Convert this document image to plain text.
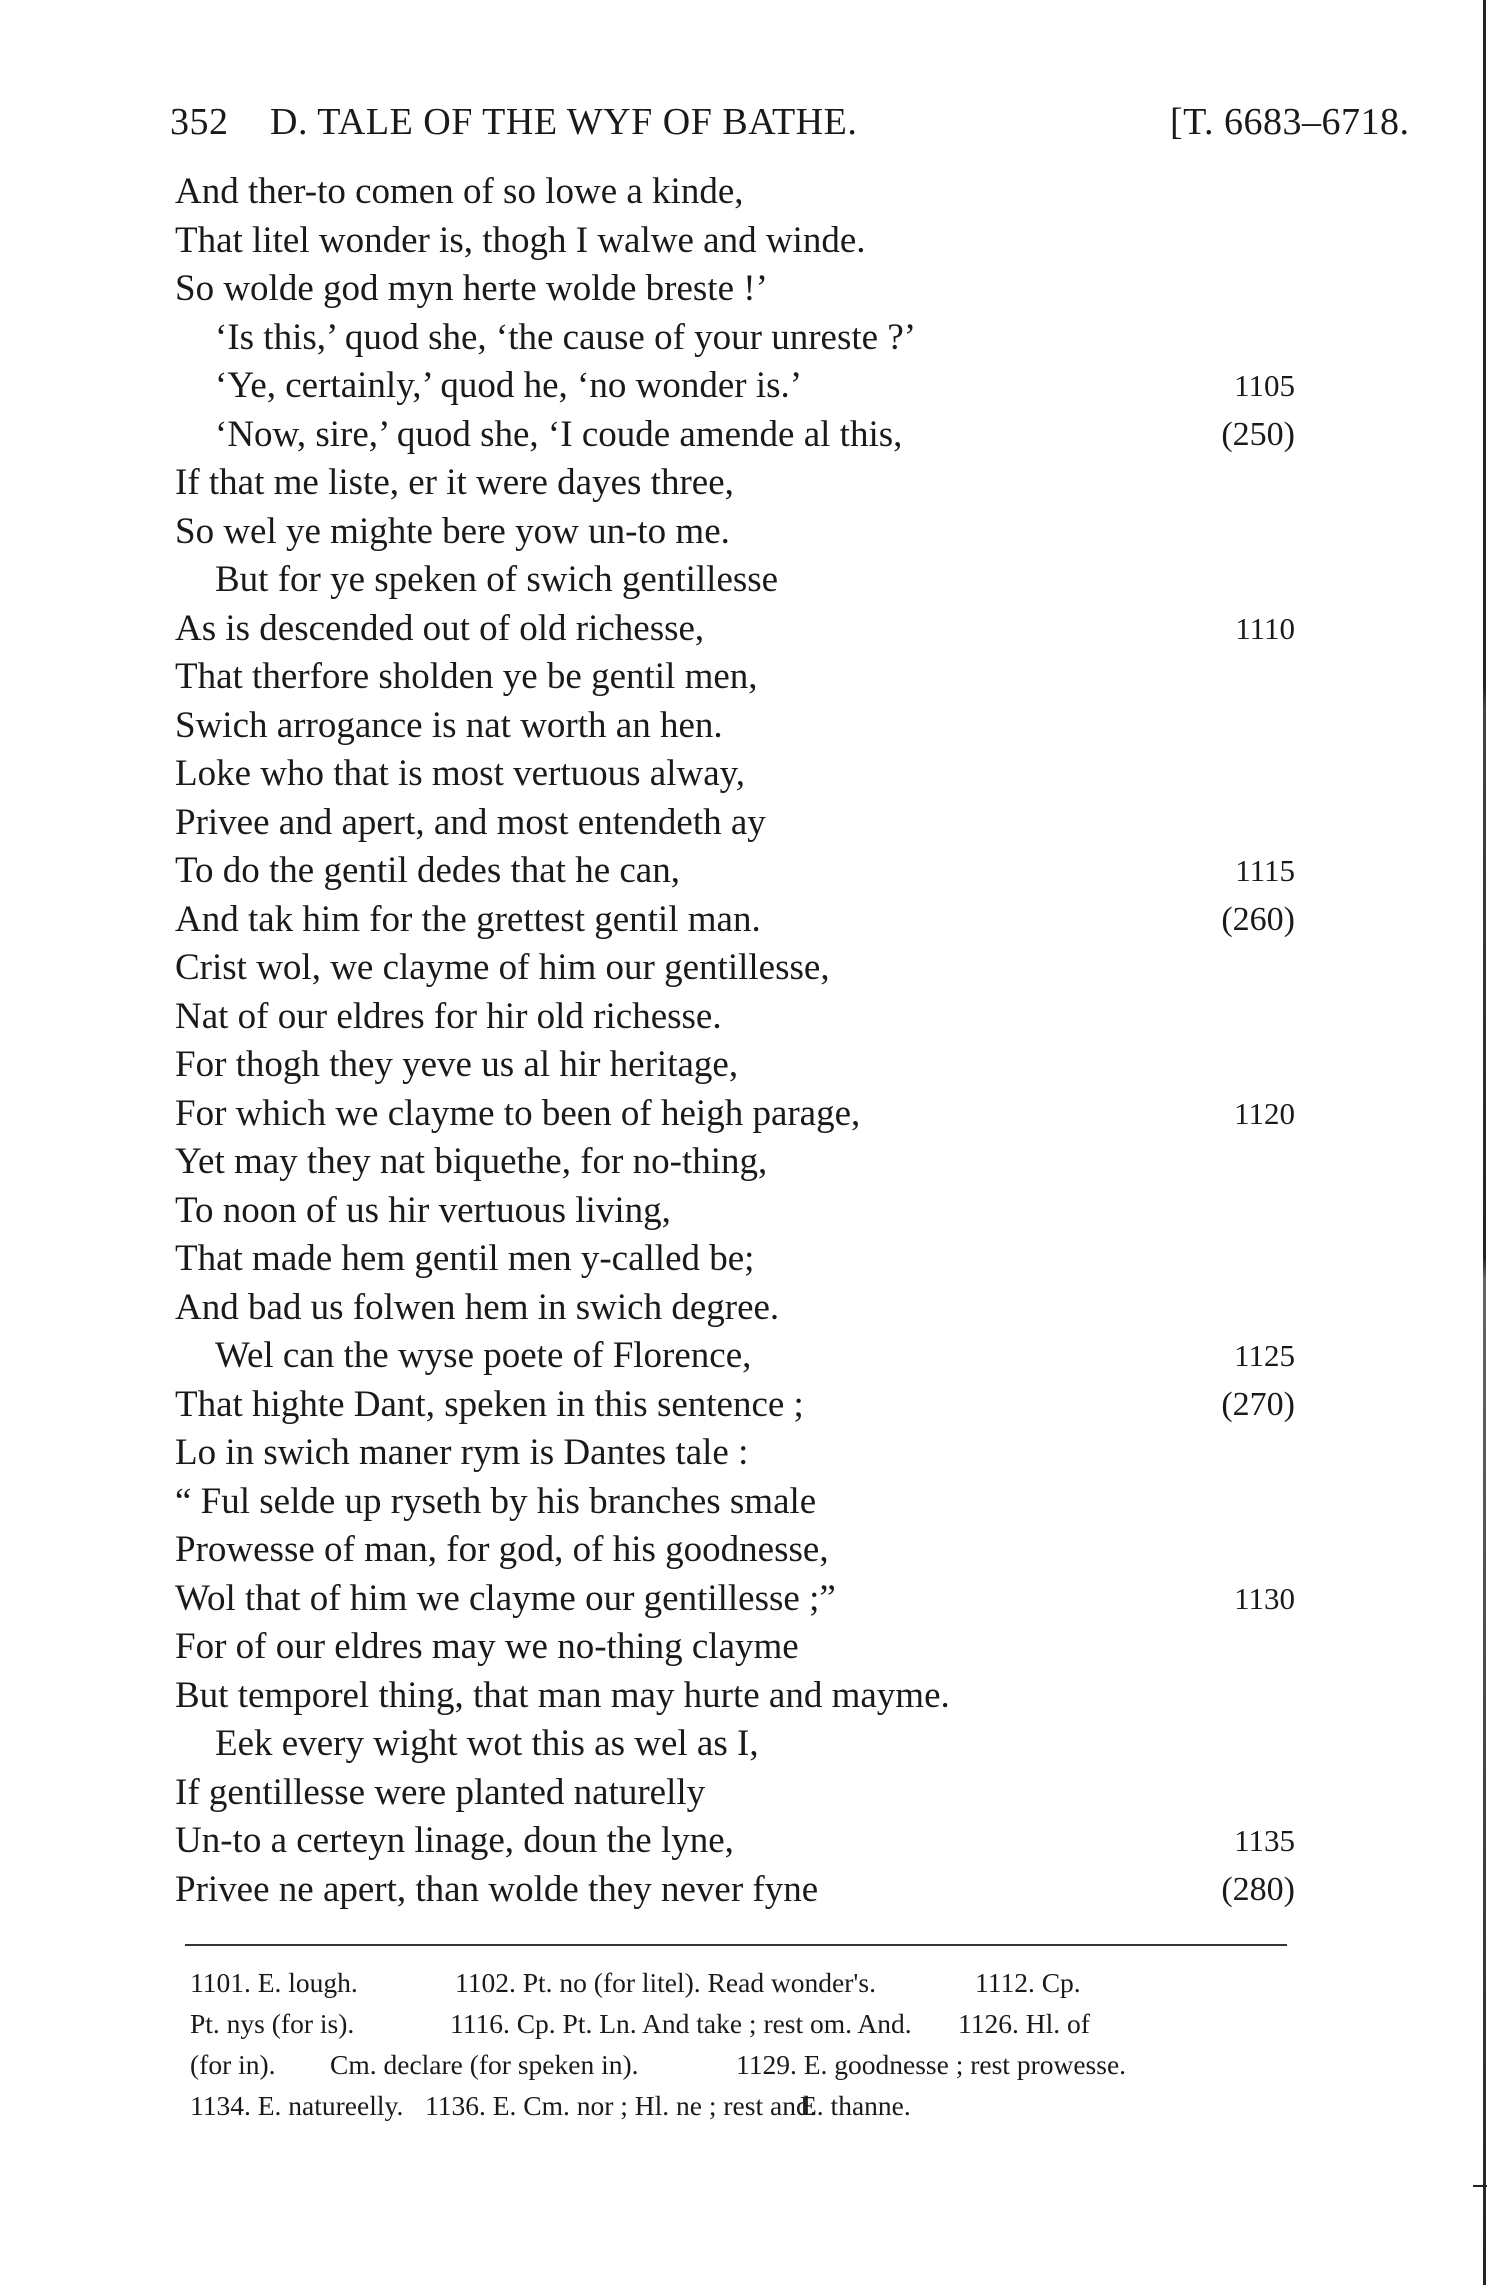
352 D. TALE OF THE WYF OF BATHE.	[T. 6683–6718.
And ther-to comen of so lowe a kinde,
That litel wonder is, thogh I walwe and winde.
So wolde god myn herte wolde breste !’
‘Is this,’ quod she, ‘the cause of your unreste ?’
‘Ye, certainly,’ quod he, ‘no wonder is.’	1105
‘Now, sire,’ quod she, ‘I coude amende al this,	(250)
If that me liste, er it were dayes three,
So wel ye mighte bere yow un-to me.
But for ye speken of swich gentillesse
As is descended out of old richesse,	1110
That therfore sholden ye be gentil men,
Swich arrogance is nat worth an hen.
Loke who that is most vertuous alway,
Privee and apert, and most entendeth ay
To do the gentil dedes that he can,	1115
And tak him for the grettest gentil man.	(260)
Crist wol, we clayme of him our gentillesse,
Nat of our eldres for hir old richesse.
For thogh they yeve us al hir heritage,
For which we clayme to been of heigh parage,	1120
Yet may they nat biquethe, for no-thing,
To noon of us hir vertuous living,
That made hem gentil men y-called be;
And bad us folwen hem in swich degree.
Wel can the wyse poete of Florence,	1125
That highte Dant, speken in this sentence ;	(270)
Lo in swich maner rym is Dantes tale :
“ Ful selde up ryseth by his branches smale
Prowesse of man, for god, of his goodnesse,
Wol that of him we clayme our gentillesse ;”	1130
For of our eldres may we no-thing clayme
But temporel thing, that man may hurte and mayme.
Eek every wight wot this as wel as I,
If gentillesse were planted naturelly
Un-to a certeyn linage, doun the lyne,	1135
Privee ne apert, than wolde they never fyne	(280)
1101. E. lough.	1102. Pt. no (for litel). Read wonder's.	1112. Cp.
Pt. nys (for is).	1116. Cp. Pt. Ln. And take ; rest om. And. 1126. Hl. of
(for in). Cm. declare (for speken in).	1129. E. goodnesse ; rest prowesse.
1134. E. natureelly. 1136. E. Cm. nor ; Hl. ne ; rest and.
E. thanne.
